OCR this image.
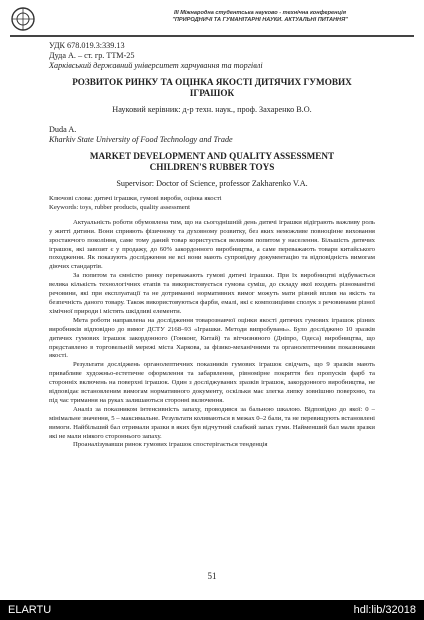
ІІІ Міжнародна студентська науково - технічна конференція
"ПРИРОДНИЧІ ТА ГУМАНІТАРНІ НАУКИ. АКТУАЛЬНІ ПИТАННЯ"
УДК 678.019.3:339.13
Дуда А. – ст. гр. ТТМ-25
Харківський державний університет харчування та торгівлі
РОЗВИТОК РИНКУ ТА ОЦІНКА ЯКОСТІ ДИТЯЧИХ ГУМОВИХ
ІГРАШОК
Науковий керівник: д-р техн. наук., проф. Захаренко В.О.
Duda A.
Kharkiv State University of Food Technology and Trade
MARKET DEVELOPMENT AND QUALITY ASSESSMENT
CHILDREN'S RUBBER TOYS
Supervisor: Doctor of Science, professor Zakharenko V.A.
Ключові слова: дитячі іграшки, гумові вироби, оцінка якості
Keywords: toys, rubber products, quality assessment
Актуальність роботи обумовлена тим, що на сьогоднішній день дитячі іграшки відіграють важливу роль у житті дитини. Вони сприяють фізичному та духовному розвитку, без яких неможливе повноцінне виховання зростаючого покоління, саме тому даний товар користується великим попитом у населення. Більшість дитячих іграшок, які завозят є у продажу, до 60% закордонного виробництва, а саме переважають товари китайського походження. Як показують дослідження не всі вони мають супровідну документацію та відповідність вимогам діючих стандартів.
За попитом та ємністю ринку переважають гумові дитячі іграшки. При їх виробництві відбувається велика кількість технологічних етапів та використовується гумова суміш, до складу якої входять різноманітні речовини, які при експлуатації та не дотриманні нормативних вимог можуть мати різний вплив на якість та безпечність даного товару. Також використовуються фарби, емалі, які є композиціями сполук з речовинами різної хімічної природи і містять шкідливі елементи.
Мета роботи направлена на дослідження товарознавчої оцінки якості дитячих гумових іграшок різних виробників відповідно до вимог ДСТУ 2168–93 «Іграшки. Методи випробувань». Було досліджено 10 зразків дитячих гумових іграшок закордонного (Гонконг, Китай) та вітчизняного (Дніпро, Одеса) виробництва, що представлено в торговельній мережі міста Харкова, за фізико-механічними та органолептичними показниками якості.
Результати досліджень органолептичних показників гумових іграшок свідчать, що 9 зразків мають привабливе художньо-естетичне оформлення та забарвлення, рівномірне покриття без пропусків фарб та сторонніх включень на поверхні іграшок. Один з досліджуваних зразків іграшок, закордонного виробництва, не відповідає встановленим вимогам нормативного документу, оскільки має злегка липку зовнішню поверхню, та під час тримання на руках залишаються сторонні включення.
Аналіз за показником інтенсивність запаху, проводився за бальною шкалою. Відповідно до якої: 0 – мінімальне значення, 5 – максимальне. Результати коливаються в межах 0–2 бали, та не перевищують встановлені вимоги. Найбільший бал отримали зразки в яких був відчутний слабкий запах гуми. Найменший бал мали зразки які не мали ніякого стороннього запаху.
Проаналізувавши ринок гумових іграшок спостерігається тенденція
51
ELARTU	hdl:lib/32018
